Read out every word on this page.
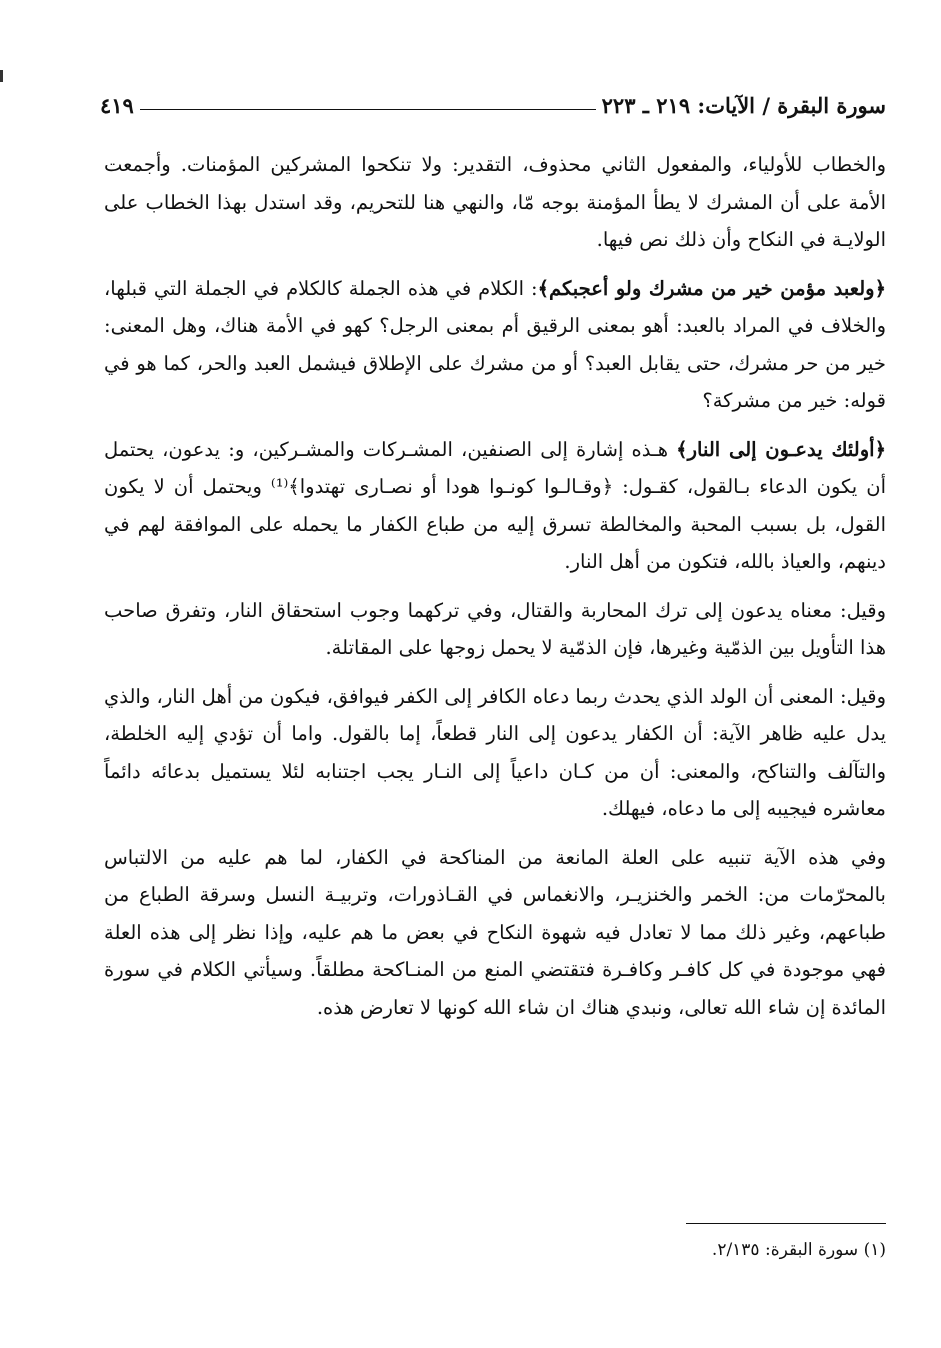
سورة البقرة / الآيات: ٢١٩ ـ ٢٢٣
٤١٩

والخطاب للأولياء، والمفعول الثاني محذوف، التقدير: ولا تنكحوا المشركين المؤمنات. وأجمعت الأمة على أن المشرك لا يطأ المؤمنة بوجه مّا، والنهي هنا للتحريم، وقد استدل بهذا الخطاب على الولايـة في النكاح وأن ذلك نص فيها.

﴿ولعبد مؤمن خير من مشرك ولو أعجبكم﴾: الكلام في هذه الجملة كالكلام في الجملة التي قبلها، والخلاف في المراد بالعبد: أهو بمعنى الرقيق أم بمعنى الرجل؟ كهو في الأمة هناك، وهل المعنى: خير من حر مشرك، حتى يقابل العبد؟ أو من مشرك على الإطلاق فيشمل العبد والحر، كما هو في قوله: خير من مشركة؟

﴿أولئك يدعـون إلى النار﴾ هـذه إشارة إلى الصنفين، المشـركات والمشـركين، و: يدعون، يحتمل أن يكون الدعاء بـالقول، كقـول: ﴿وقـالـوا كونـوا هودا أو نصـارى تهتدوا﴾⁽¹⁾ ويحتمل أن لا يكون القول، بل بسبب المحبة والمخالطة تسرق إليه من طباع الكفار ما يحمله على الموافقة لهم في دينهم، والعياذ بالله، فتكون من أهل النار.

وقيل: معناه يدعون إلى ترك المحاربة والقتال، وفي تركهما وجوب استحقاق النار، وتفرق صاحب هذا التأويل بين الذمّية وغيرها، فإن الذمّية لا يحمل زوجها على المقاتلة.

وقيل: المعنى أن الولد الذي يحدث ربما دعاه الكافر إلى الكفر فيوافق، فيكون من أهل النار، والذي يدل عليه ظاهر الآية: أن الكفار يدعون إلى النار قطعاً، إما بالقول. واما أن تؤدي إليه الخلطة، والتآلف والتناكح، والمعنى: أن من كـان داعياً إلى النـار يجب اجتنابه لئلا يستميل بدعائه دائماً معاشره فيجيبه إلى ما دعاه، فيهلك.

وفي هذه الآية تنبيه على العلة المانعة من المناكحة في الكفار، لما هم عليه من الالتباس بالمحرّمات من: الخمر والخنزيـر، والانغماس في القـاذورات، وتربيـة النسل وسرقة الطباع من طباعهم، وغير ذلك مما لا تعادل فيه شهوة النكاح في بعض ما هم عليه، وإذا نظر إلى هذه العلة فهي موجودة في كل كافـر وكافـرة فتقتضي المنع من المنـاكحة مطلقاً. وسيأتي الكلام في سورة المائدة إن شاء الله تعالى، ونبدي هناك ان شاء الله كونها لا تعارض هذه.

(١) سورة البقرة: ٢/١٣٥.
